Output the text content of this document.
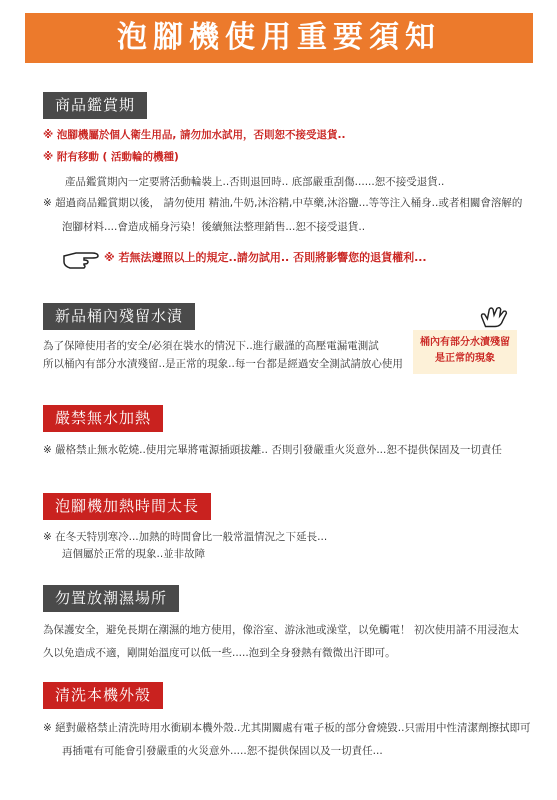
泡腳機使用重要須知
商品鑑賞期
※ 泡腳機屬於個人衛生用品, 請勿加水試用，否則恕不接受退貨..
※ 附有移動 ( 活動輪的機種)
產品鑑賞期內一定要將活動輪裝上..否則退回時.. 底部嚴重刮傷......恕不接受退貨..
※ 超過商品鑑賞期以後， 請勿使用 精油,牛奶,沐浴精,中草藥,沐浴鹽...等等注入桶身..或者相關會溶解的
泡腳材料....會造成桶身污染！後續無法整理銷售...恕不接受退貨..
※ 若無法遵照以上的規定..請勿試用.. 否則將影響您的退貨權利...
新品桶內殘留水漬
為了保障使用者的安全/必須在裝水的情況下..進行嚴謹的高壓電漏電測試
所以桶內有部分水漬殘留..是正常的現象..每一台都是經過安全測試請放心使用
桶內有部分水漬殘留
是正常的現象
嚴禁無水加熱
※ 嚴格禁止無水乾燒..使用完畢將電源插頭拔離.. 否則引發嚴重火災意外...恕不提供保固及一切責任
泡腳機加熱時間太長
※ 在冬天特別寒冷...加熱的時間會比一般常溫情況之下延長...
這個屬於正常的現象..並非故障
勿置放潮濕場所
為保護安全，避免長期在潮濕的地方使用，像浴室、游泳池或澡堂，以免觸電！ 初次使用請不用浸泡太
久以免造成不適，剛開始溫度可以低一些.....泡到全身發熱有微微出汗即可。
清洗本機外殼
※ 絕對嚴格禁止清洗時用水衝刷本機外殼..尤其開關處有電子板的部分會燒毀..只需用中性清潔劑擦拭即可
再插電有可能會引發嚴重的火災意外.....恕不提供保固以及一切責任...
